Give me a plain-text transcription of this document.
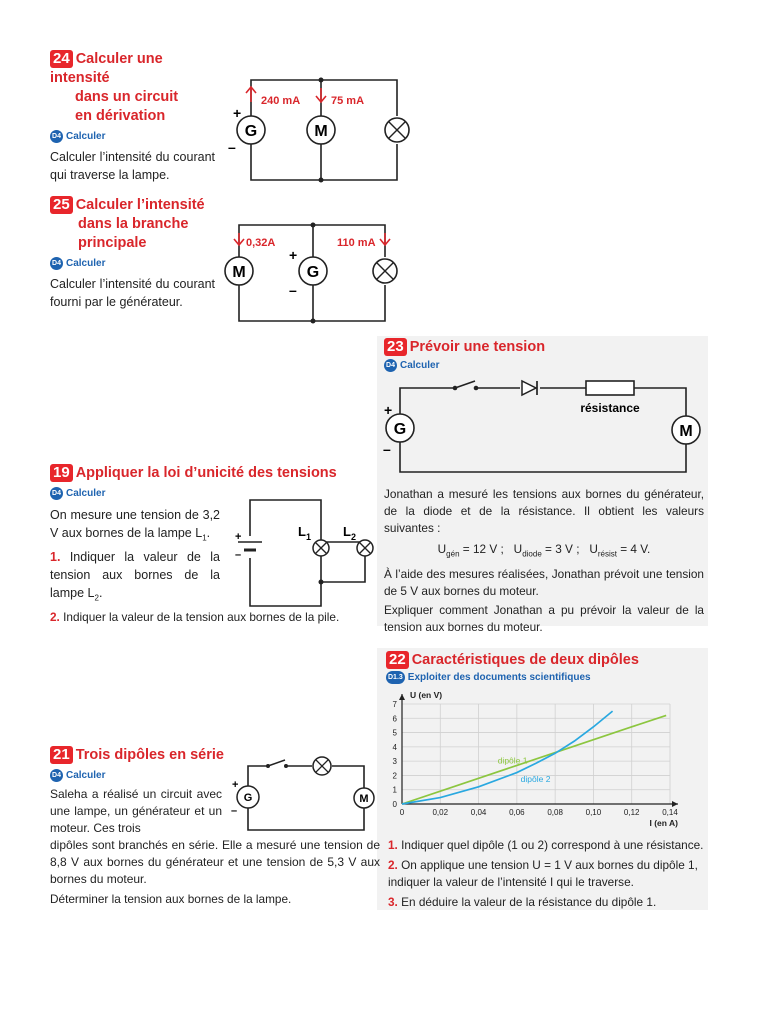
24 Calculer une intensité
dans un circuit
en dérivation
D4 Calculer
Calculer l’intensité du courant qui traverse la lampe.
G
+
–
M
240 mA	75 mA
25 Calculer l’intensité
dans la branche
principale
D4 Calculer
Calculer l’intensité du courant fourni par le générateur.
M	G
+
–
0,32A	110 mA
23 Prévoir une tension
D4 Calculer
résistance
G
+
–
M
Jonathan a mesuré les tensions aux bornes du générateur, de la diode et de la résistance. Il obtient les valeurs suivantes :
$U_{gén} = 12$ V ; $U_{diode} = 3$ V ; $U_{résist} = 4$ V.
À l’aide des mesures réalisées, Jonathan prévoit une tension de 5 V aux bornes du moteur.
Expliquer comment Jonathan a pu prévoir la valeur de la tension aux bornes du moteur.
19 Appliquer la loi d’unicité des tensions
D4 Calculer
On mesure une tension de 3,2 V aux bornes de la lampe $L_1$.
1. Indiquer la valeur de la tension aux bornes de la lampe $L_2$.
2. Indiquer la valeur de la tension aux bornes de la pile.
+
–
$L_1$ $L_2$
22 Caractéristiques de deux dipôles
D1.3 Exploiter des documents scientifiques
0	0,02	0,04	0,06	0,08	0,10	0,12	0,14
0
1
2
3
4
5
6
7
U (en V)
I (en A)
dipôle 1
dipôle 2
1. Indiquer quel dipôle (1 ou 2) correspond à une résistance.
2. On applique une tension U = 1 V aux bornes du dipôle 1, indiquer la valeur de l’intensité I qui le traverse.
3. En déduire la valeur de la résistance du dipôle 1.
21 Trois dipôles en série
D4 Calculer
Saleha a réalisé un circuit avec une lampe, un générateur et un moteur. Ces trois
dipôles sont branchés en série. Elle a mesuré une tension de 8,8 V aux bornes du générateur et une tension de 5,3 V aux bornes du moteur.
Déterminer la tension aux bornes de la lampe.
G
+
–
M
